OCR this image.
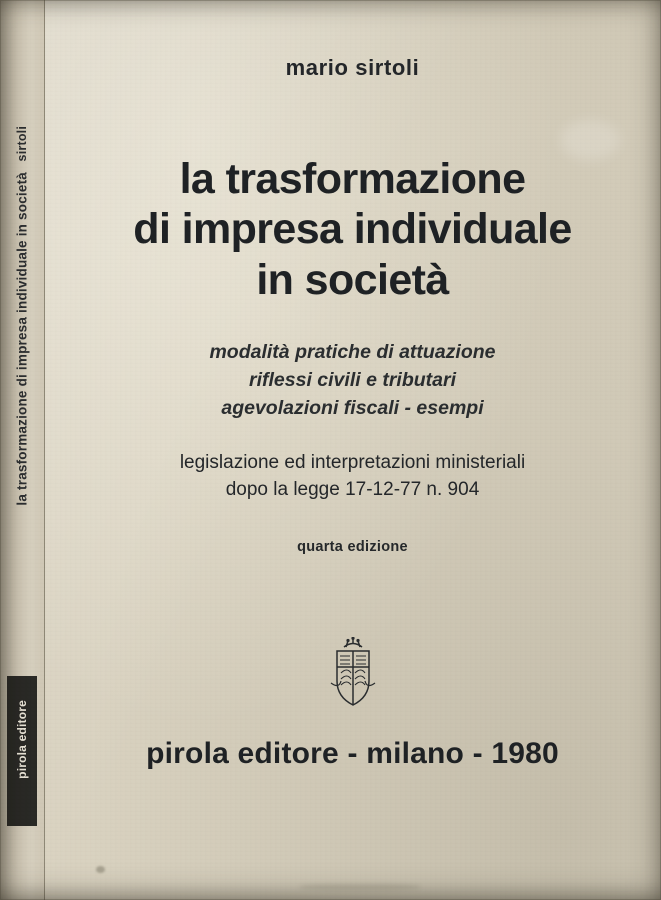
sirtoli
la trasformazione di impresa individuale in società
pirola editore
mario sirtoli
la trasformazione
di impresa individuale
in società
modalità pratiche di attuazione
riflessi civili e tributari
agevolazioni fiscali - esempi
legislazione ed interpretazioni ministeriali
dopo la legge 17-12-77 n. 904
quarta edizione
pirola editore - milano - 1980
